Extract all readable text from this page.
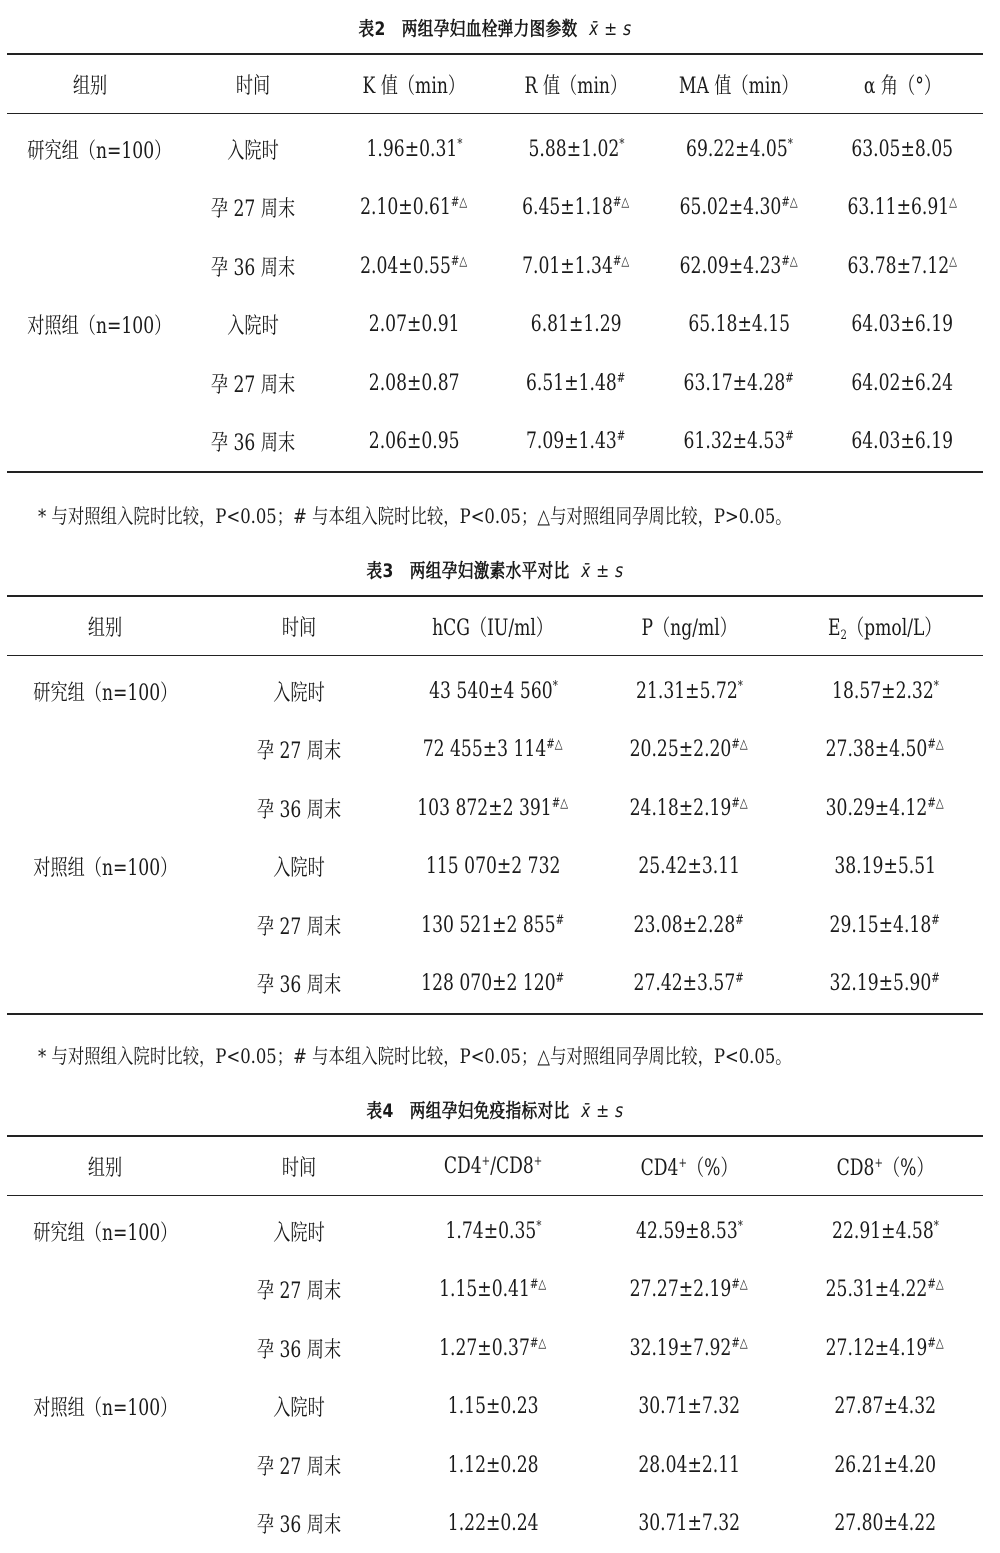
表2　两组孕妇血栓弹力图参数 x̄ ± s
组别	时间	K 值（min）	R 值（min）	MA 值（min）	α 角（°）
研究组（n=100）	入院时	1.96±0.31*	5.88±1.02*	69.22±4.05*	63.05±8.05
	孕 27 周末	2.10±0.61#△	6.45±1.18#△	65.02±4.30#△	63.11±6.91△
	孕 36 周末	2.04±0.55#△	7.01±1.34#△	62.09±4.23#△	63.78±7.12△
对照组（n=100）	入院时	2.07±0.91	6.81±1.29	65.18±4.15	64.03±6.19
	孕 27 周末	2.08±0.87	6.51±1.48#	63.17±4.28#	64.02±6.24
	孕 36 周末	2.06±0.95	7.09±1.43#	61.32±4.53#	64.03±6.19
* 与对照组入院时比较，P<0.05；# 与本组入院时比较，P<0.05；△与对照组同孕周比较，P>0.05。
表3　两组孕妇激素水平对比 x̄ ± s
组别	时间	hCG（IU/ml）	P（ng/ml）	$E_2(pmol/L)$
研究组（n=100）	入院时	43 540±4 560*	21.31±5.72*	18.57±2.32*
	孕 27 周末	72 455±3 114#△	20.25±2.20#△	27.38±4.50#△
	孕 36 周末	103 872±2 391#△	24.18±2.19#△	30.29±4.12#△
对照组（n=100）	入院时	115 070±2 732	25.42±3.11	38.19±5.51
	孕 27 周末	130 521±2 855#	23.08±2.28#	29.15±4.18#
	孕 36 周末	128 070±2 120#	27.42±3.57#	32.19±5.90#
* 与对照组入院时比较，P<0.05；# 与本组入院时比较，P<0.05；△与对照组同孕周比较，P<0.05。
表4　两组孕妇免疫指标对比 x̄ ± s
组别	时间	CD4+/CD8+	CD4+（%）	CD8+（%）
研究组（n=100）	入院时	1.74±0.35*	42.59±8.53*	22.91±4.58*
	孕 27 周末	1.15±0.41#△	27.27±2.19#△	25.31±4.22#△
	孕 36 周末	1.27±0.37#△	32.19±7.92#△	27.12±4.19#△
对照组（n=100）	入院时	1.15±0.23	30.71±7.32	27.87±4.32
	孕 27 周末	1.12±0.28	28.04±2.11	26.21±4.20
	孕 36 周末	1.22±0.24	30.71±7.32	27.80±4.22
